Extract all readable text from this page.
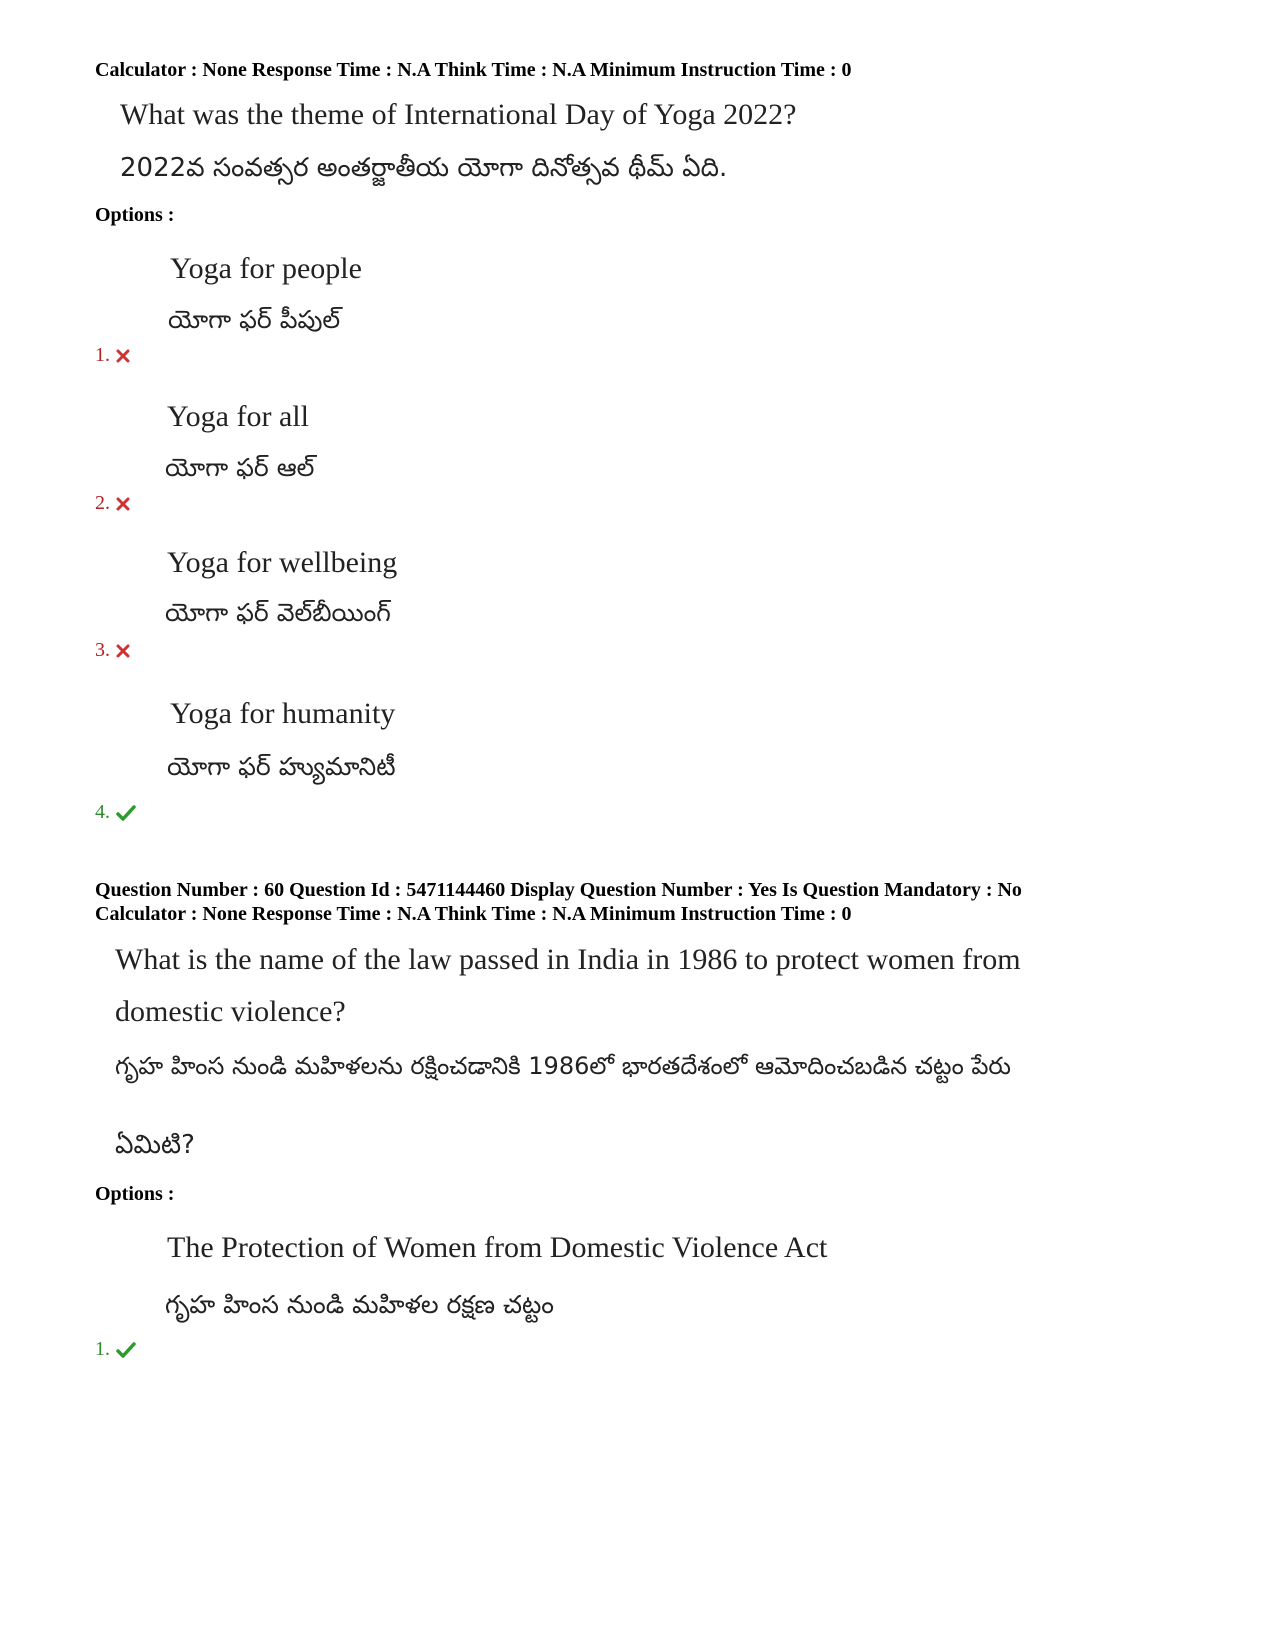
Calculator : None Response Time : N.A Think Time : N.A Minimum Instruction Time : 0
What was the theme of International Day of Yoga 2022?
2022వ సంవత్సర అంతర్జాతీయ యోగా దినోత్సవ థీమ్ ఏది.
Options :
Yoga for people
యోగా ఫర్ పీపుల్
1.
Yoga for all
యోగా ఫర్ ఆల్
2.
Yoga for wellbeing
యోగా ఫర్ వెల్‌బీయింగ్
3.
Yoga for humanity
యోగా ఫర్ హ్యుమానిటీ
4.
Question Number : 60 Question Id : 5471144460 Display Question Number : Yes Is Question Mandatory : No
Calculator : None Response Time : N.A Think Time : N.A Minimum Instruction Time : 0
What is the name of the law passed in India in 1986 to protect women from
domestic violence?
గృహ హింస నుండి మహిళలను రక్షించడానికి 1986లో భారతదేశంలో ఆమోదించబడిన చట్టం పేరు
ఏమిటి?
Options :
The Protection of Women from Domestic Violence Act
గృహ హింస నుండి మహిళల రక్షణ చట్టం
1.
